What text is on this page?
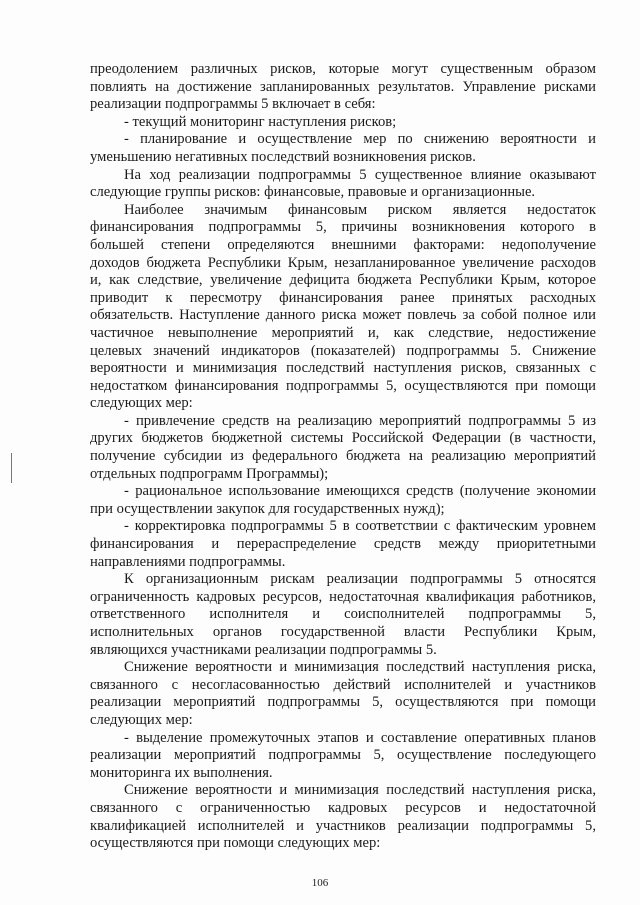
преодолением различных рисков, которые могут существенным образом
повлиять на достижение запланированных результатов. Управление рисками
реализации подпрограммы 5 включает в себя:
- текущий мониторинг наступления рисков;
- планирование и осуществление мер по снижению вероятности и
уменьшению негативных последствий возникновения рисков.
На ход реализации подпрограммы 5 существенное влияние оказывают
следующие группы рисков: финансовые, правовые и организационные.
Наиболее значимым финансовым риском является недостаток
финансирования подпрограммы 5, причины возникновения которого в
большей степени определяются внешними факторами: недополучение
доходов бюджета Республики Крым, незапланированное увеличение расходов
и, как следствие, увеличение дефицита бюджета Республики Крым, которое
приводит к пересмотру финансирования ранее принятых расходных
обязательств. Наступление данного риска может повлечь за собой полное или
частичное невыполнение мероприятий и, как следствие, недостижение
целевых значений индикаторов (показателей) подпрограммы 5. Снижение
вероятности и минимизация последствий наступления рисков, связанных с
недостатком финансирования подпрограммы 5, осуществляются при помощи
следующих мер:
- привлечение средств на реализацию мероприятий подпрограммы 5 из
других бюджетов бюджетной системы Российской Федерации (в частности,
получение субсидии из федерального бюджета на реализацию мероприятий
отдельных подпрограмм Программы);
- рациональное использование имеющихся средств (получение экономии
при осуществлении закупок для государственных нужд);
- корректировка подпрограммы 5 в соответствии с фактическим уровнем
финансирования и перераспределение средств между приоритетными
направлениями подпрограммы.
К организационным рискам реализации подпрограммы 5 относятся
ограниченность кадровых ресурсов, недостаточная квалификация работников,
ответственного исполнителя и соисполнителей подпрограммы 5,
исполнительных органов государственной власти Республики Крым,
являющихся участниками реализации подпрограммы 5.
Снижение вероятности и минимизация последствий наступления риска,
связанного с несогласованностью действий исполнителей и участников
реализации мероприятий подпрограммы 5, осуществляются при помощи
следующих мер:
- выделение промежуточных этапов и составление оперативных планов
реализации мероприятий подпрограммы 5, осуществление последующего
мониторинга их выполнения.
Снижение вероятности и минимизация последствий наступления риска,
связанного с ограниченностью кадровых ресурсов и недостаточной
квалификацией исполнителей и участников реализации подпрограммы 5,
осуществляются при помощи следующих мер:
106
